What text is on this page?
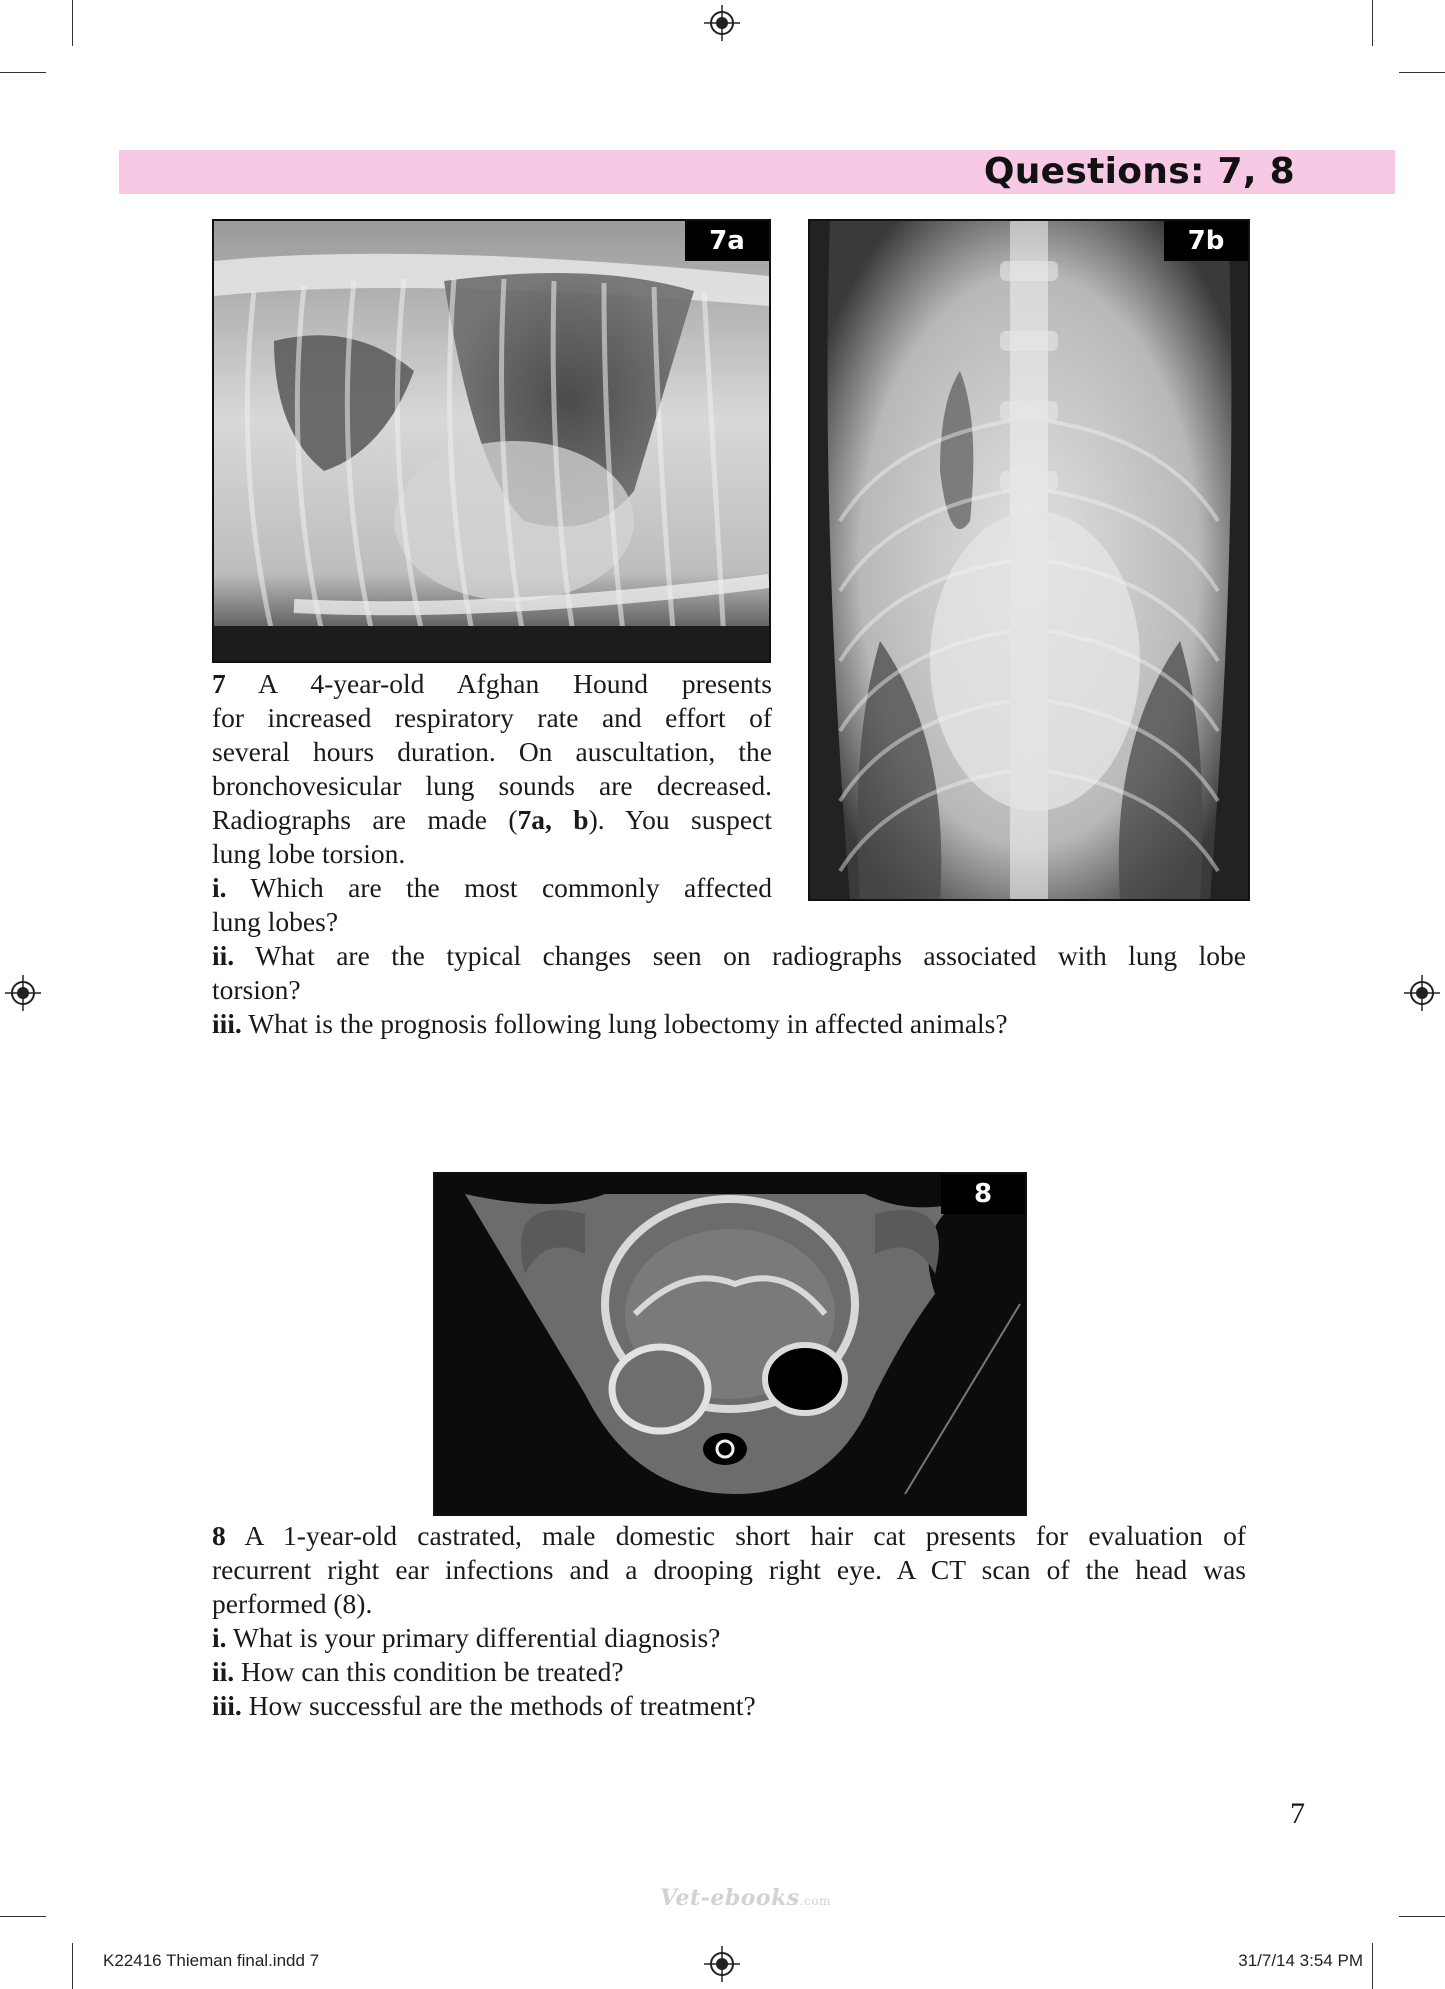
Questions: 7, 8
7a	7b

7 A 4-year-old Afghan Hound presents

for increased respiratory rate and effort of

several hours duration. On auscultation, the

bronchovesicular lung sounds are decreased.

Radiographs are made (7a, b). You suspect

lung lobe torsion.

i. Which are the most commonly affected

lung lobes?

ii. What are the typical changes seen on radiographs associated with lung lobe

torsion?

iii. What is the prognosis following lung lobectomy in affected animals?

8

8 A 1-year-old castrated, male domestic short hair cat presents for evaluation of

recurrent right ear infections and a drooping right eye. A CT scan of the head was

performed (8).

i. What is your primary differential diagnosis?

ii. How can this condition be treated?

iii. How successful are the methods of treatment?

7
Vet-ebooks.com
K22416 Thieman final.indd 7	31/7/14 3:54 PM
